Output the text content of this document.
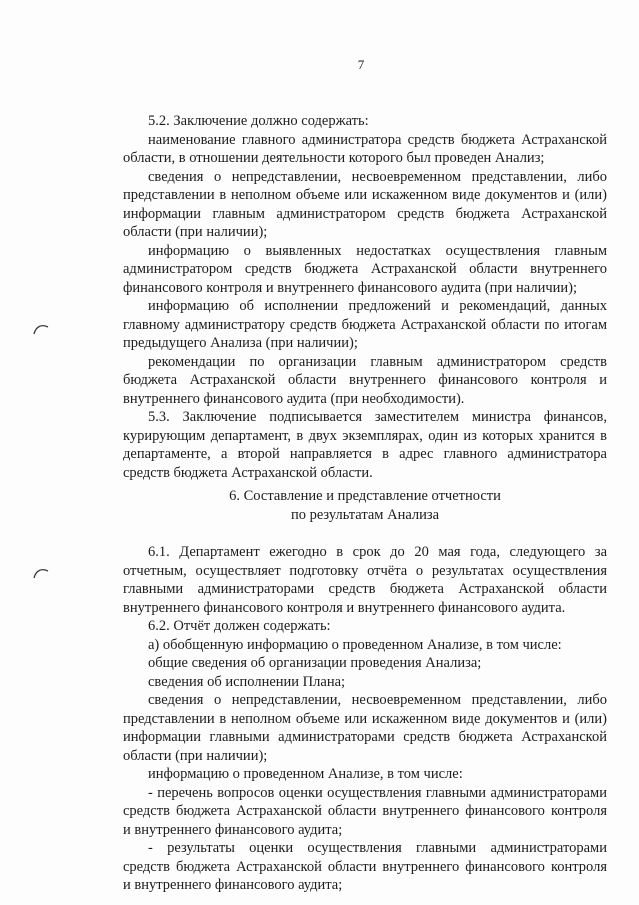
7
5.2. Заключение должно содержать:
наименование главного администратора средств бюджета Астраханской
области, в отношении деятельности которого был проведен Анализ;
сведения о непредставлении, несвоевременном представлении, либо
представлении в неполном объеме или искаженном виде документов и (или)
информации главным администратором средств бюджета Астраханской
области (при наличии);
информацию о выявленных недостатках осуществления главным
администратором средств бюджета Астраханской области внутреннего
финансового контроля и внутреннего финансового аудита (при наличии);
информацию об исполнении предложений и рекомендаций, данных
главному администратору средств бюджета Астраханской области по итогам
предыдущего Анализа (при наличии);
рекомендации по организации главным администратором средств
бюджета Астраханской области внутреннего финансового контроля и
внутреннего финансового аудита (при необходимости).
5.3. Заключение подписывается заместителем министра финансов,
курирующим департамент, в двух экземплярах, один из которых хранится в
департаменте, а второй направляется в адрес главного администратора
средств бюджета Астраханской области.
6. Составление и представление отчетности
по результатам Анализа
6.1. Департамент ежегодно в срок до 20 мая года, следующего за
отчетным, осуществляет подготовку отчёта о результатах осуществления
главными администраторами средств бюджета Астраханской области
внутреннего финансового контроля и внутреннего финансового аудита.
6.2. Отчёт должен содержать:
а) обобщенную информацию о проведенном Анализе, в том числе:
общие сведения об организации проведения Анализа;
сведения об исполнении Плана;
сведения о непредставлении, несвоевременном представлении, либо
представлении в неполном объеме или искаженном виде документов и (или)
информации главными администраторами средств бюджета Астраханской
области (при наличии);
информацию о проведенном Анализе, в том числе:
- перечень вопросов оценки осуществления главными администраторами
средств бюджета Астраханской области внутреннего финансового контроля
и внутреннего финансового аудита;
- результаты оценки осуществления главными администраторами
средств бюджета Астраханской области внутреннего финансового контроля
и внутреннего финансового аудита;
